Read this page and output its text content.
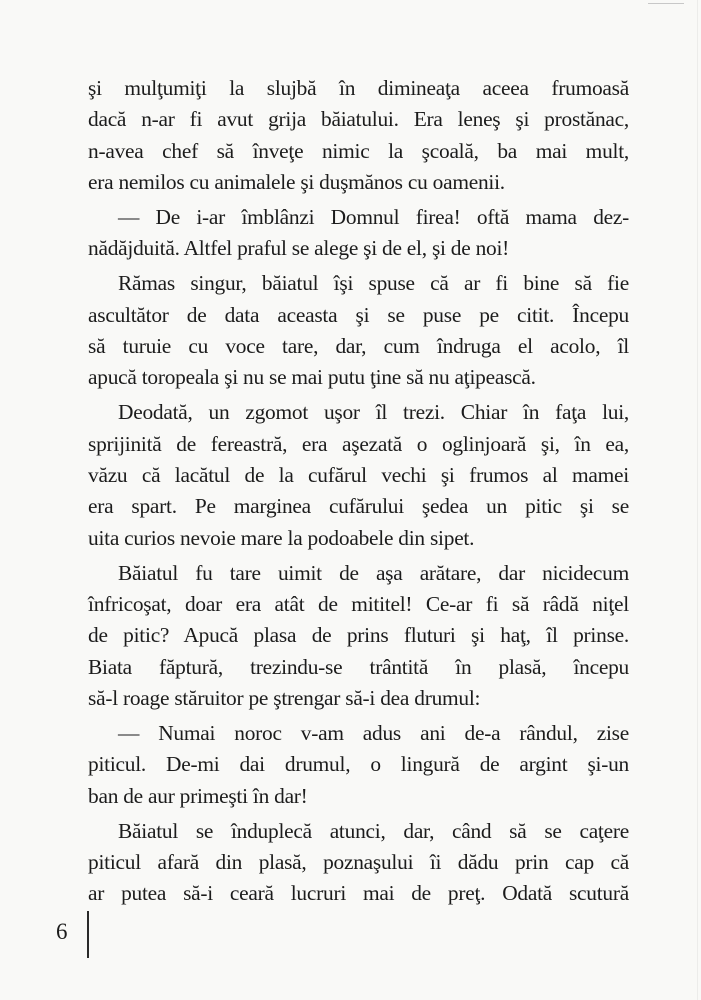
şi mulţumiţi la slujbă în dimineaţa aceea frumoasă
dacă n-ar fi avut grija băiatului. Era leneş şi prostănac,
n-avea chef să înveţe nimic la şcoală, ba mai mult,
era nemilos cu animalele şi duşmănos cu oamenii.

— De i-ar îmblânzi Domnul firea! oftă mama dez-
nădăjduită. Altfel praful se alege şi de el, şi de noi!

Rămas singur, băiatul îşi spuse că ar fi bine să fie
ascultător de data aceasta şi se puse pe citit. Începu
să turuie cu voce tare, dar, cum îndruga el acolo, îl
apucă toropeala şi nu se mai putu ţine să nu aţipească.

Deodată, un zgomot uşor îl trezi. Chiar în faţa lui,
sprijinită de fereastră, era aşezată o oglinjoară şi, în ea,
văzu că lacătul de la cufărul vechi şi frumos al mamei
era spart. Pe marginea cufărului şedea un pitic şi se
uita curios nevoie mare la podoabele din sipet.

Băiatul fu tare uimit de aşa arătare, dar nicidecum
înfricoşat, doar era atât de mititel! Ce-ar fi să râdă niţel
de pitic? Apucă plasa de prins fluturi şi haţ, îl prinse.
Biata făptură, trezindu-se trântită în plasă, începu
să-l roage stăruitor pe ştrengar să-i dea drumul:

— Numai noroc v-am adus ani de-a rândul, zise
piticul. De-mi dai drumul, o lingură de argint şi-un
ban de aur primeşti în dar!

Băiatul se înduplecă atunci, dar, când să se caţere
piticul afară din plasă, poznaşului îi dădu prin cap că
ar putea să-i ceară lucruri mai de preţ. Odată scutură

6
